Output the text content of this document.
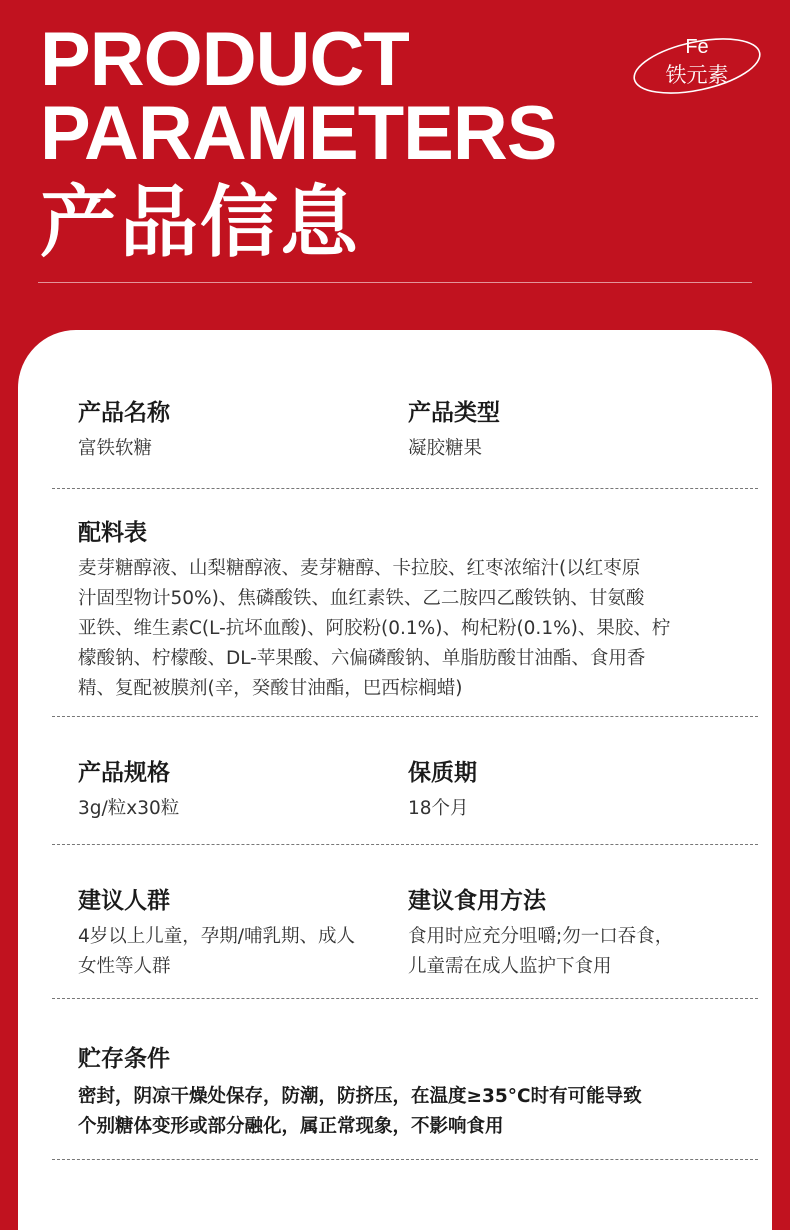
PRODUCT
PARAMETERS
产品信息
Fe
铁元素
产品名称
富铁软糖
产品类型
凝胶糖果
配料表
麦芽糖醇液、山梨糖醇液、麦芽糖醇、卡拉胶、红枣浓缩汁(以红枣原
汁固型物计50%)、焦磷酸铁、血红素铁、乙二胺四乙酸铁钠、甘氨酸
亚铁、维生素C(L-抗坏血酸)、阿胶粉(0.1%)、枸杞粉(0.1%)、果胶、柠
檬酸钠、柠檬酸、DL-苹果酸、六偏磷酸钠、单脂肪酸甘油酯、食用香
精、复配被膜剂(辛，癸酸甘油酯，巴西棕榈蜡)
产品规格
3g/粒x30粒
保质期
18个月
建议人群
4岁以上儿童，孕期/哺乳期、成人
女性等人群
建议食用方法
食用时应充分咀嚼;勿一口吞食，
儿童需在成人监护下食用
贮存条件
密封，阴凉干燥处保存，防潮，防挤压，在温度≥35°C时有可能导致
个别糖体变形或部分融化，属正常现象，不影响食用
